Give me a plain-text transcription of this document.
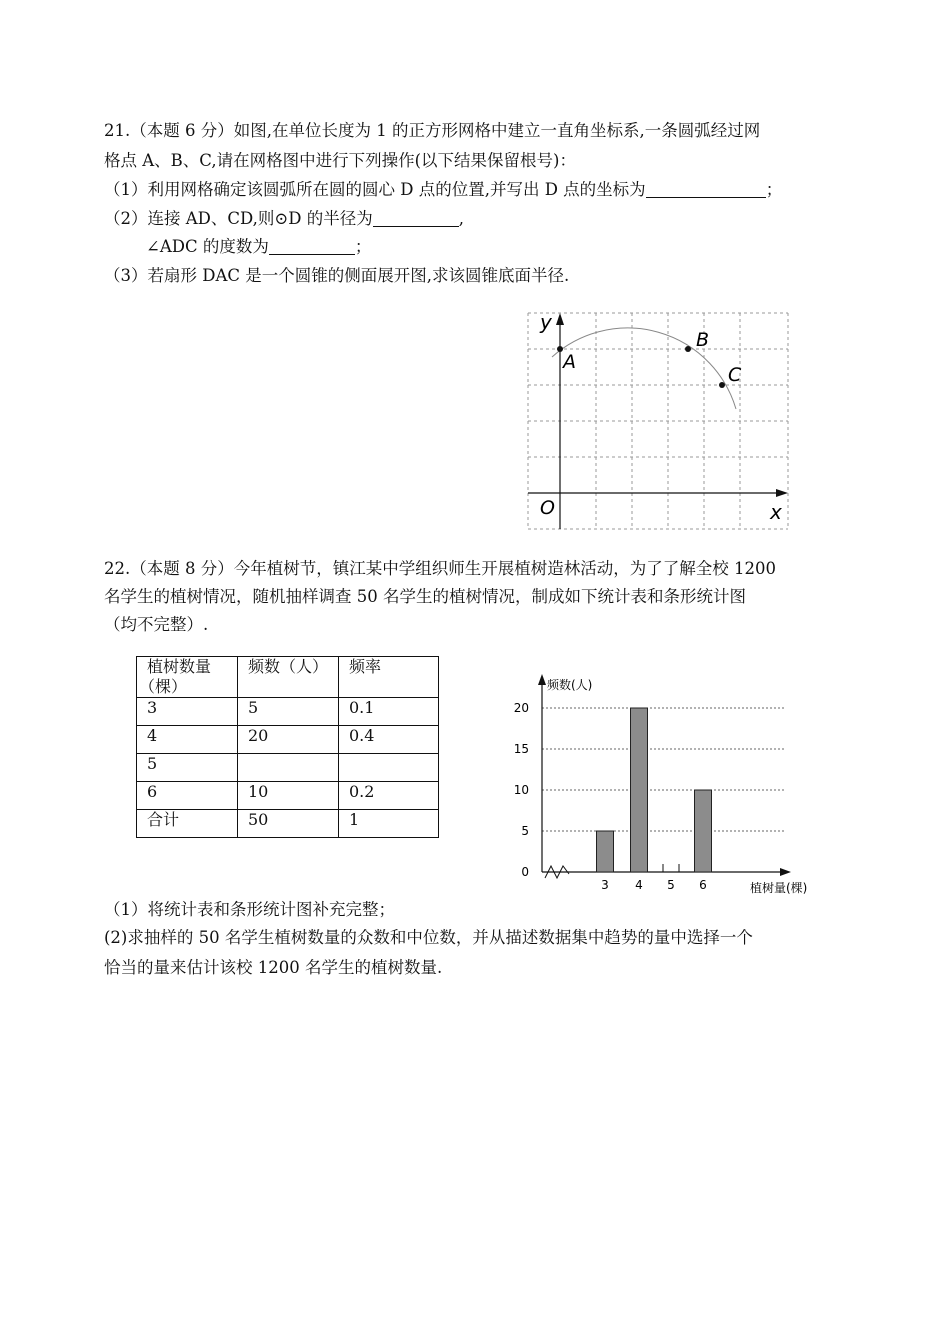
21.（本题 6 分）如图,在单位长度为 1 的正方形网格中建立一直角坐标系,一条圆弧经过网
格点 A、B、C,请在网格图中进行下列操作(以下结果保留根号)：
（1）利用网格确定该圆弧所在圆的圆心 D 点的位置,并写出 D 点的坐标为	；
（2）连接 AD、CD,则⊙D 的半径为	,
∠ADC 的度数为	；
（3）若扇形 DAC 是一个圆锥的侧面展开图,求该圆锥底面半径.
y
x
O
A
B
C
22.（本题 8 分）今年植树节，镇江某中学组织师生开展植树造林活动，为了了解全校 1200
名学生的植树情况，随机抽样调查 50 名学生的植树情况，制成如下统计表和条形统计图
（均不完整）.
植树数量
（棵）	频数（人）	频率
3	5	0.1
4	20	0.4
5		
6	10	0.2
合计	50	1
频数(人)
植树量(棵)
0
5
10
15
20
3 4 5 6
（1）将统计表和条形统计图补充完整；
(2)求抽样的 50 名学生植树数量的众数和中位数，并从描述数据集中趋势的量中选择一个
恰当的量来估计该校 1200 名学生的植树数量.
